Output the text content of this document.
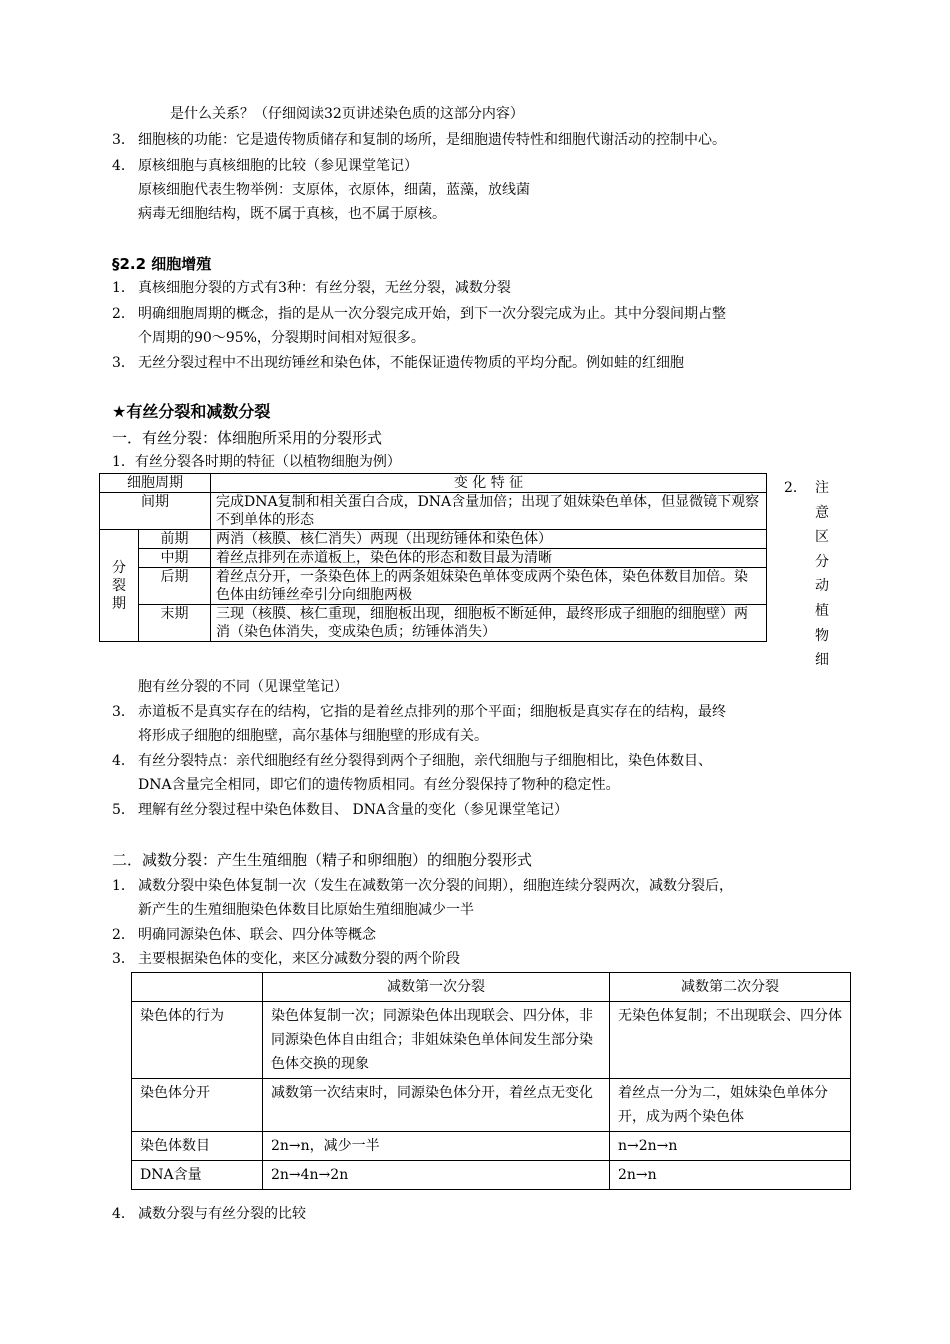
是什么关系？（仔细阅读32页讲述染色质的这部分内容）
3． 细胞核的功能：它是遗传物质储存和复制的场所，是细胞遗传特性和细胞代谢活动的控制中心。
4． 原核细胞与真核细胞的比较（参见课堂笔记）
原核细胞代表生物举例：支原体，衣原体，细菌，蓝藻，放线菌
病毒无细胞结构，既不属于真核，也不属于原核。
§2.2 细胞增殖
1． 真核细胞分裂的方式有3种：有丝分裂，无丝分裂，减数分裂
2． 明确细胞周期的概念，指的是从一次分裂完成开始，到下一次分裂完成为止。其中分裂间期占整
个周期的90～95%，分裂期时间相对短很多。
3． 无丝分裂过程中不出现纺锤丝和染色体，不能保证遗传物质的平均分配。例如蛙的红细胞
★有丝分裂和减数分裂
一．有丝分裂：体细胞所采用的分裂形式
1．有丝分裂各时期的特征（以植物细胞为例）
细胞周期		变 化 特 征
间期		完成DNA复制和相关蛋白合成，DNA含量加倍；出现了姐妹染色单体，但显微镜下观察不到单体的形态
分裂期	前期	两消（核膜、核仁消失）两现（出现纺锤体和染色体）
	中期	着丝点排列在赤道板上，染色体的形态和数目最为清晰
	后期	着丝点分开，一条染色体上的两条姐妹染色单体变成两个染色体，染色体数目加倍。染色体由纺锤丝牵引分向细胞两极
	末期	三现（核膜、核仁重现，细胞板出现，细胞板不断延伸，最终形成子细胞的细胞壁）两消（染色体消失，变成染色质；纺锤体消失）
2． 注意区分动植物细
胞有丝分裂的不同（见课堂笔记）
3． 赤道板不是真实存在的结构，它指的是着丝点排列的那个平面；细胞板是真实存在的结构，最终
将形成子细胞的细胞壁，高尔基体与细胞壁的形成有关。
4． 有丝分裂特点：亲代细胞经有丝分裂得到两个子细胞，亲代细胞与子细胞相比，染色体数目、
DNA含量完全相同，即它们的遗传物质相同。有丝分裂保持了物种的稳定性。
5． 理解有丝分裂过程中染色体数目、 DNA含量的变化（参见课堂笔记）
二．减数分裂：产生生殖细胞（精子和卵细胞）的细胞分裂形式
1． 减数分裂中染色体复制一次（发生在减数第一次分裂的间期），细胞连续分裂两次，减数分裂后，
新产生的生殖细胞染色体数目比原始生殖细胞减少一半
2． 明确同源染色体、联会、四分体等概念
3． 主要根据染色体的变化，来区分减数分裂的两个阶段
	减数第一次分裂	减数第二次分裂
染色体的行为	染色体复制一次；同源染色体出现联会、四分体，非同源染色体自由组合；非姐妹染色单体间发生部分染色体交换的现象	无染色体复制；不出现联会、四分体
染色体分开	减数第一次结束时，同源染色体分开，着丝点无变化	着丝点一分为二，姐妹染色单体分开，成为两个染色体
染色体数目	2n→n，减少一半	n→2n→n
DNA含量	2n→4n→2n	2n→n
4． 减数分裂与有丝分裂的比较
